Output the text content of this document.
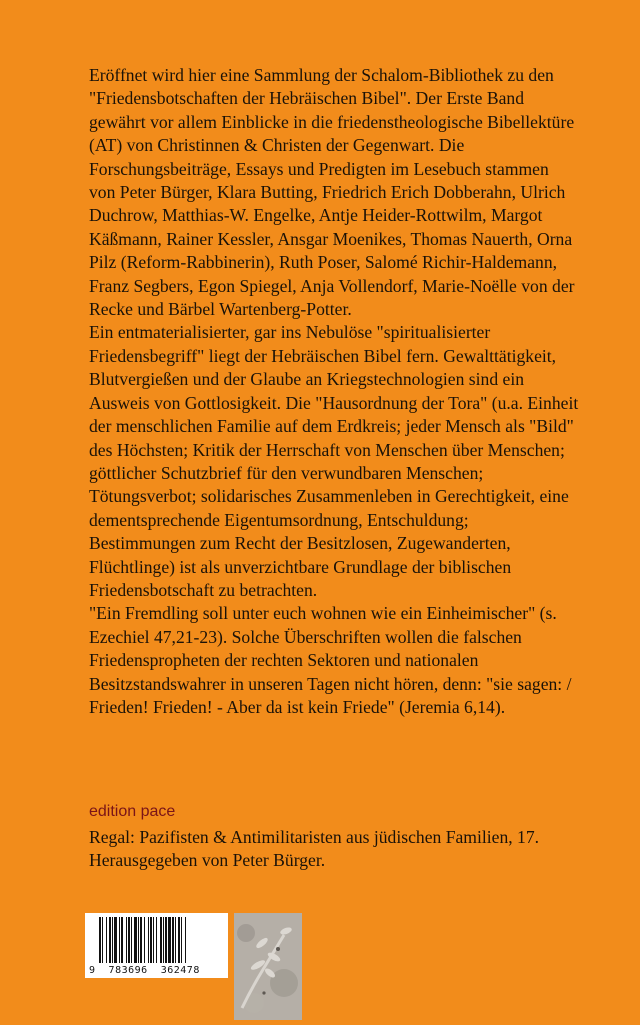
Eröffnet wird hier eine Sammlung der Schalom-Bibliothek zu den "Friedensbotschaften der Hebräischen Bibel". Der Erste Band gewährt vor allem Einblicke in die friedenstheologische Bibellektüre (AT) von Christinnen & Christen der Gegenwart. Die Forschungsbeiträge, Essays und Predigten im Lesebuch stammen von Peter Bürger, Klara Butting, Friedrich Erich Dobberahn, Ulrich Duchrow, Matthias-W. Engelke, Antje Heider-Rottwilm, Margot Käßmann, Rainer Kessler, Ansgar Moenikes, Thomas Nauerth, Orna Pilz (Reform-Rabbinerin), Ruth Poser, Salomé Richir-Haldemann, Franz Segbers, Egon Spiegel, Anja Vollendorf, Marie-Noëlle von der Recke und Bärbel Wartenberg-Potter.

Ein entmaterialisierter, gar ins Nebulöse "spiritualisierter Friedensbegriff" liegt der Hebräischen Bibel fern. Gewalttätigkeit, Blutvergießen und der Glaube an Kriegstechnologien sind ein Ausweis von Gottlosigkeit. Die "Hausordnung der Tora" (u.a. Einheit der menschlichen Familie auf dem Erdkreis; jeder Mensch als "Bild" des Höchsten; Kritik der Herrschaft von Menschen über Menschen; göttlicher Schutzbrief für den verwundbaren Menschen; Tötungsverbot; solidarisches Zusammenleben in Gerechtigkeit, eine dementsprechende Eigentumsordnung, Entschuldung; Bestimmungen zum Recht der Besitzlosen, Zugewanderten, Flüchtlinge) ist als unverzichtbare Grundlage der biblischen Friedensbotschaft zu betrachten.

"Ein Fremdling soll unter euch wohnen wie ein Einheimischer" (s. Ezechiel 47,21-23). Solche Überschriften wollen die falschen Friedenspropheten der rechten Sektoren und nationalen Besitzstandswahrer in unseren Tagen nicht hören, denn: "sie sagen: / Frieden! Frieden! - Aber da ist kein Friede" (Jeremia 6,14).

edition pace
Regal: Pazifisten & Antimilitaristen aus jüdischen Familien, 17.
Herausgegeben von Peter Bürger.
9  783696  362478
